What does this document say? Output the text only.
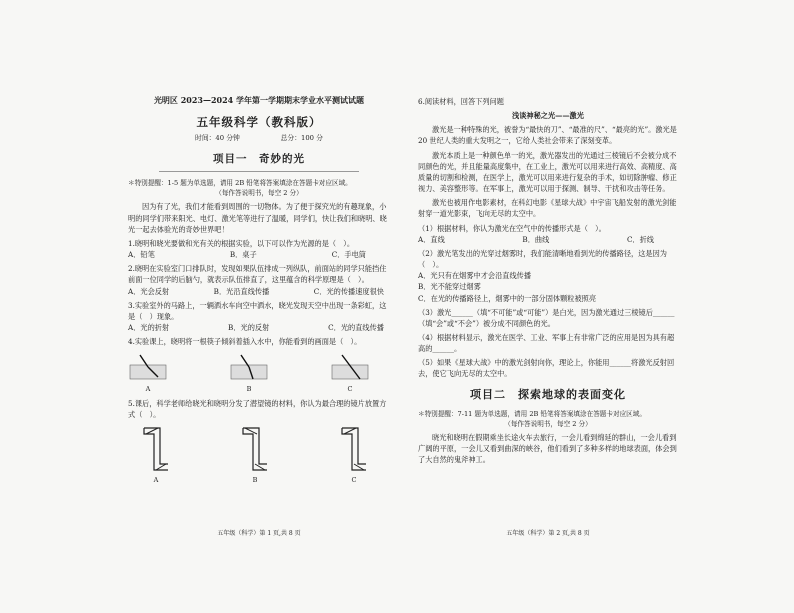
光明区 2023—2024 学年第一学期期末学业水平测试试题
五年级科学（教科版）
时间：40 分钟　　　　　　总分：100 分
项目一　奇妙的光
＊特别提醒：1-5 题为单选题，请用 2B 铅笔将答案填涂在答题卡对应区域。
（每作答说明书，每空 2 分）
因为有了光，我们才能看到周围的一切物体。为了便于探究光的有趣现象，小明的同学们带来阳光、电灯、激光笔等进行了温暖，同学们，快让我们和晓明、晓光一起去体验光的奇妙世界吧！
1.晓明和晓光要做和光有关的根据实验，以下可以作为光源的是（　）。
A．铅笔	B．桌子	C．手电筒
2.晓明在实验室门口排队时，发现如果队伍排成一列纵队，前面站的同学只能挡住前面一位同学的后脑勺，就表示队伍排直了，这里蕴含的科学原理是（　）。
A．光会反射	B．光沿直线传播	C．光的传播速度很快
3.实验室外的马路上，一辆洒水车向空中洒水，晓光发现天空中出现一条彩虹，这是（　）现象。
A．光的折射	B．光的反射	C．光的直线传播
4.实验课上，晓明将一根筷子倾斜着插入水中，你能看到的画面是（　）。
A	B	C
5.课后，科学老师给晓光和晓明分发了潜望镜的材料，你认为最合理的镜片放置方式（　）。
A	B	C
五年级（科学）第 1 页,共 8 页
6.阅读材料，回答下列问题
浅谈神秘之光——激光
激光是一种特殊的光，被誉为“最快的刀”、“最准的尺”、“最亮的光”。激光是 20 世纪人类的重大发明之一，它给人类社会带来了深刻变革。
激光本质上是一种颜色单一的光，激光器发出的光通过三棱镜后不会被分成不同颜色的光，并且能量高度集中，在工业上，激光可以用来进行高效、高精度、高质量的切割和检测，在医学上，激光可以用来进行复杂的手术，如切除肿瘤、修正视力、美容整形等。在军事上，激光可以用于探测、制导、干扰和攻击等任务。
激光也被用作电影素材，在科幻电影《星球大战》中宇宙飞船发射的激光剑能射穿一道光影束，飞向无尽的太空中。
（1）根据材料，你认为激光在空气中的传播形式是（　）。
A．直线	B．曲线	C．折线
（2）激光笔发出的光穿过烟雾时，我们能清晰地看到光的传播路径，这是因为（　）。
A．光只有在烟雾中才会沿直线传播
B．光不能穿过烟雾
C．在光的传播路径上，烟雾中的一部分固体颗粒被照亮
（3）激光______（填“不可能”或“可能”）是白光，因为激光通过三棱镜后______（填“会”或“不会”）被分成不同颜色的光。
（4）根据材料显示，激光在医学、工业、军事上有非常广泛的应用是因为具有超高的______。
（5）如果《星球大战》中的激光剑射向你，理论上，你能用______将激光反射回去，使它飞向无尽的太空中。
项目二　探索地球的表面变化
＊特别提醒：7-11 题为单选题，请用 2B 铅笔将答案填涂在答题卡对应区域。
（每作答说明书，每空 2 分）
晓光和晓明在假期乘坐长途火车去旅行，一会儿看到绵延的群山，一会儿看到广阔的平原，一会儿又看到曲深的峡谷，他们看到了多种多样的地球表面，体会到了大自然的鬼斧神工。
五年级（科学）第 2 页,共 8 页
